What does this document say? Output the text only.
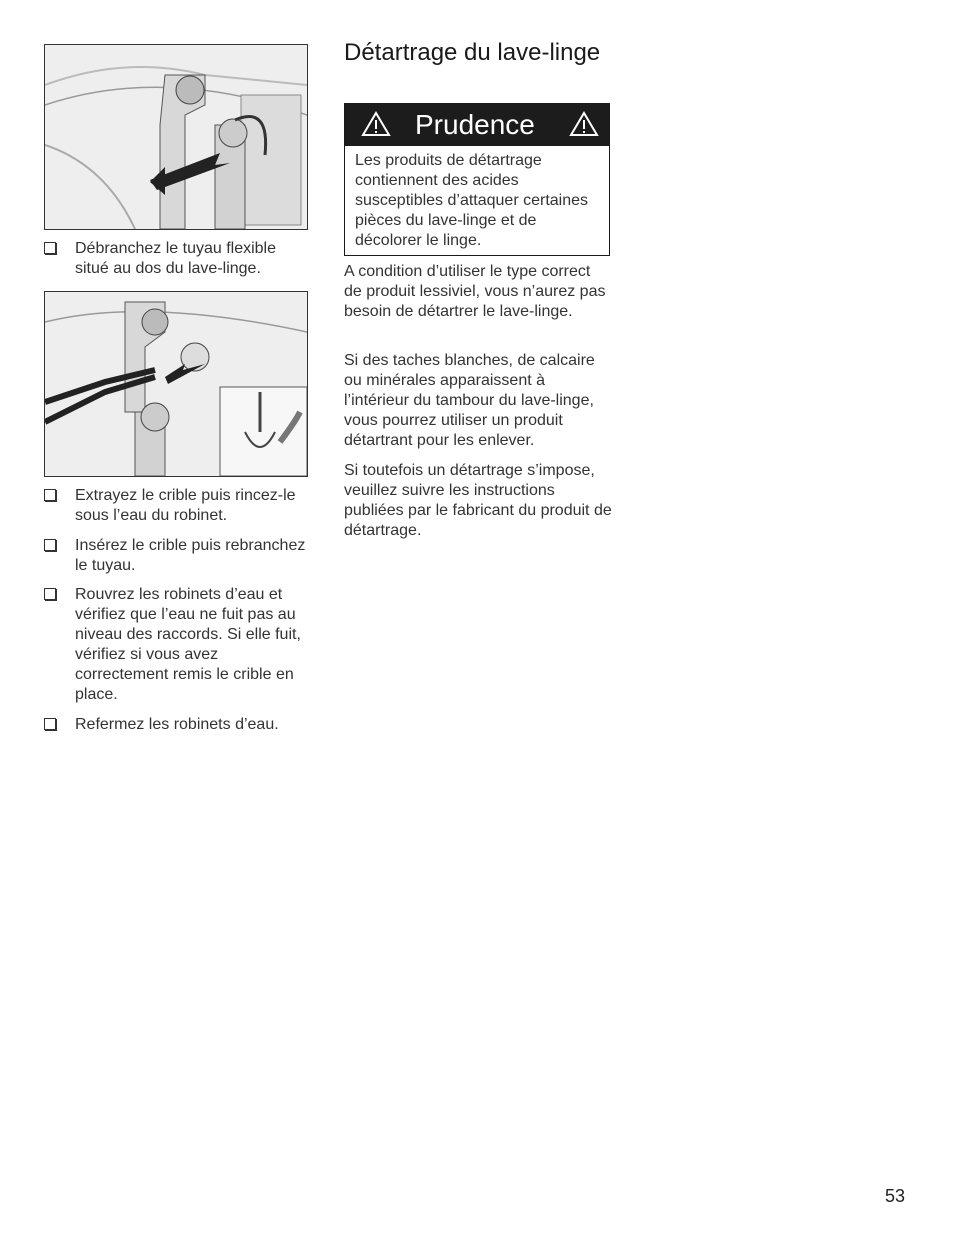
Débranchez le tuyau flexible situé au dos du lave-linge.
Extrayez le crible puis rincez-le sous l’eau du robinet.
Insérez le crible puis rebranchez le tuyau.
Rouvrez les robinets d’eau et vérifiez que l’eau ne fuit pas au niveau des raccords. Si elle fuit, vérifiez si vous avez correctement remis le crible en place.
Refermez les robinets d’eau.
Détartrage du lave-linge
Prudence
Les produits de détartrage contiennent des acides susceptibles d’attaquer certaines pièces du lave-linge et de décolorer le linge.

A condition d’utiliser le type correct de produit lessiviel, vous n’aurez pas besoin de détartrer le lave-linge.

Si des taches blanches, de calcaire ou minérales apparaissent à l’intérieur du tambour du lave-linge, vous pourrez utiliser un produit détartrant pour les enlever.

Si toutefois un détartrage s’impose, veuillez suivre les instructions publiées par le fabricant du produit de détartrage.

53
